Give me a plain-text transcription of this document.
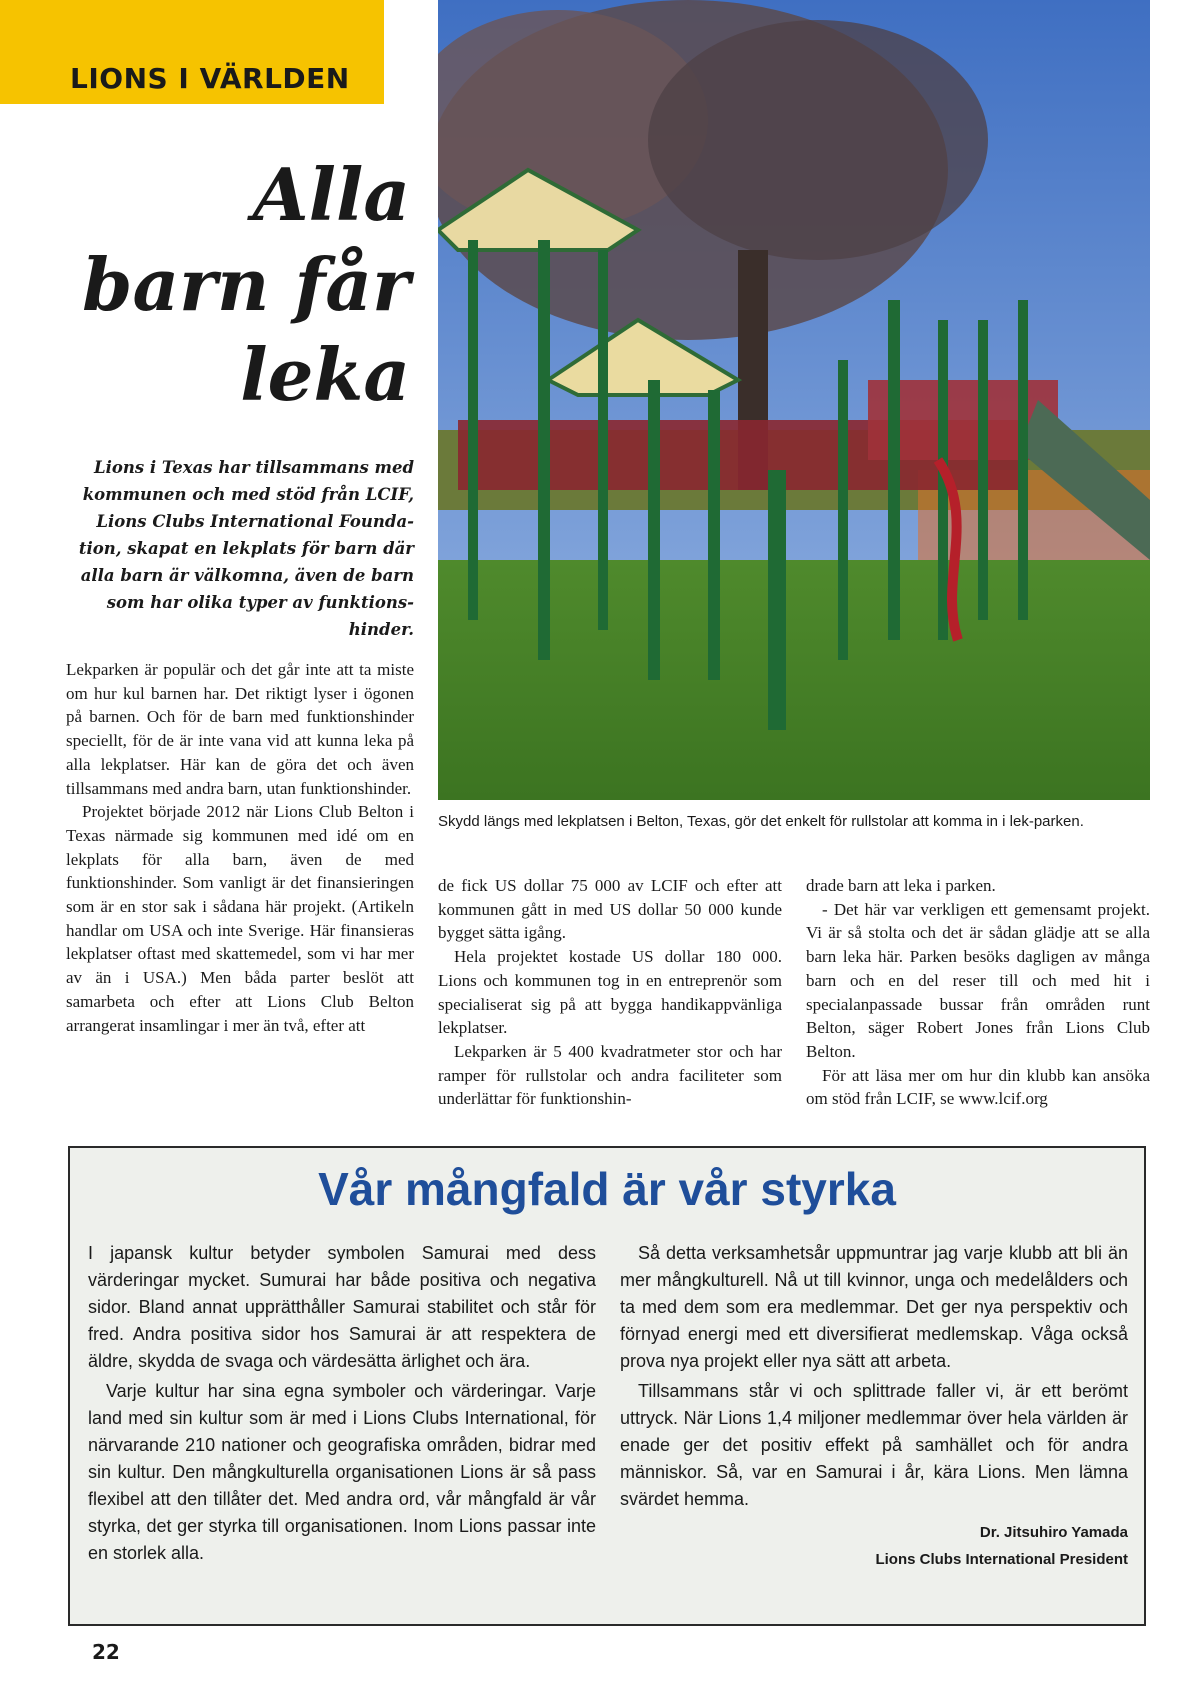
LIONS I VÄRLDEN
Alla
barn får
leka
Lions i Texas har tillsammans med
kommunen och med stöd från LCIF,
Lions Clubs International Founda-
tion, skapat en lekplats för barn där
alla barn är välkomna, även de barn
som har olika typer av funktions-
hinder.
Skydd längs med lekplatsen i Belton, Texas, gör det enkelt för rullstolar att komma in i lek-parken.

Lekparken är populär och det går inte att ta miste om hur kul barnen har. Det riktigt lyser i ögonen på barnen. Och för de barn med funktionshinder speciellt, för de är inte vana vid att kunna leka på alla lekplatser. Här kan de göra det och även tillsammans med andra barn, utan funktionshinder.

Projektet började 2012 när Lions Club Belton i Texas närmade sig kommunen med idé om en lekplats för alla barn, även de med funktionshinder. Som vanligt är det finansieringen som är en stor sak i sådana här projekt. (Artikeln handlar om USA och inte Sverige. Här finansieras lekplatser oftast med skattemedel, som vi har mer av än i USA.) Men båda parter beslöt att samarbeta och efter att Lions Club Belton arrangerat insamlingar i mer än två, efter att

de fick US dollar 75 000 av LCIF och efter att kommunen gått in med US dollar 50 000 kunde bygget sätta igång.

Hela projektet kostade US dollar 180 000. Lions och kommunen tog in en entreprenör som specialiserat sig på att bygga handikappvänliga lekplatser.

Lekparken är 5 400 kvadratmeter stor och har ramper för rullstolar och andra faciliteter som underlättar för funktionshin-

drade barn att leka i parken.

- Det här var verkligen ett gemensamt projekt. Vi är så stolta och det är sådan glädje att se alla barn leka här. Parken besöks dagligen av många barn och en del reser till och med hit i specialanpassade bussar från områden runt Belton, säger Robert Jones från Lions Club Belton.

För att läsa mer om hur din klubb kan ansöka om stöd från LCIF, se www.lcif.org

Vår mångfald är vår styrka

I japansk kultur betyder symbolen Samurai med dess värderingar mycket. Sumurai har både positiva och negativa sidor. Bland annat upprätthåller Samurai stabilitet och står för fred. Andra positiva sidor hos Samurai är att respektera de äldre, skydda de svaga och värdesätta ärlighet och ära.

Varje kultur har sina egna symboler och värderingar. Varje land med sin kultur som är med i Lions Clubs International, för närvarande 210 nationer och geografiska områden, bidrar med sin kultur. Den mångkulturella organisationen Lions är så pass flexibel att den tillåter det. Med andra ord, vår mångfald är vår styrka, det ger styrka till organisationen. Inom Lions passar inte en storlek alla.

Så detta verksamhetsår uppmuntrar jag varje klubb att bli än mer mångkulturell. Nå ut till kvinnor, unga och medelålders och ta med dem som era medlemmar. Det ger nya perspektiv och förnyad energi med ett diversifierat medlemskap. Våga också prova nya projekt eller nya sätt att arbeta.

Tillsammans står vi och splittrade faller vi, är ett berömt uttryck. När Lions 1,4 miljoner medlemmar över hela världen är enade ger det positiv effekt på samhället och för andra människor. Så, var en Samurai i år, kära Lions. Men lämna svärdet hemma.

Dr. Jitsuhiro Yamada
Lions Clubs International President
22
